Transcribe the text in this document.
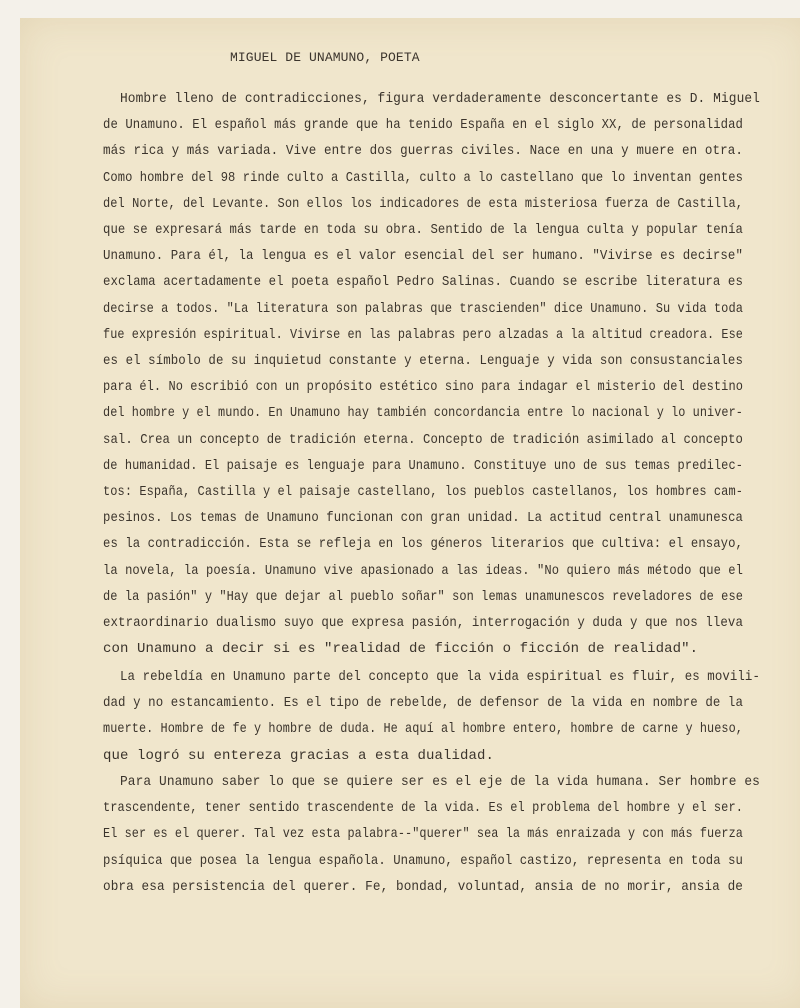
MIGUEL DE UNAMUNO, POETA
Hombre lleno de contradicciones, figura verdaderamente desconcertante es D. Miguel
de Unamuno. El español más grande que ha tenido España en el siglo XX, de personalidad
más rica y más variada. Vive entre dos guerras civiles. Nace en una y muere en otra.
Como hombre del 98 rinde culto a Castilla, culto a lo castellano que lo inventan gentes
del Norte, del Levante. Son ellos los indicadores de esta misteriosa fuerza de Castilla,
que se expresará más tarde en toda su obra. Sentido de la lengua culta y popular tenía
Unamuno. Para él, la lengua es el valor esencial del ser humano. "Vivirse es decirse"
exclama acertadamente el poeta español Pedro Salinas. Cuando se escribe literatura es
decirse a todos. "La literatura son palabras que trascienden" dice Unamuno. Su vida toda
fue expresión espiritual. Vivirse en las palabras pero alzadas a la altitud creadora. Ese
es el símbolo de su inquietud constante y eterna. Lenguaje y vida son consustanciales
para él. No escribió con un propósito estético sino para indagar el misterio del destino
del hombre y el mundo. En Unamuno hay también concordancia entre lo nacional y lo univer-
sal. Crea un concepto de tradición eterna. Concepto de tradición asimilado al concepto
de humanidad. El paisaje es lenguaje para Unamuno. Constituye uno de sus temas predilec-
tos: España, Castilla y el paisaje castellano, los pueblos castellanos, los hombres cam-
pesinos. Los temas de Unamuno funcionan con gran unidad. La actitud central unamunesca
es la contradicción. Esta se refleja en los géneros literarios que cultiva: el ensayo,
la novela, la poesía. Unamuno vive apasionado a las ideas. "No quiero más método que el
de la pasión" y "Hay que dejar al pueblo soñar" son lemas unamunescos reveladores de ese
extraordinario dualismo suyo que expresa pasión, interrogación y duda y que nos lleva
con Unamuno a decir si es "realidad de ficción o ficción de realidad".
La rebeldía en Unamuno parte del concepto que la vida espiritual es fluir, es movili-
dad y no estancamiento. Es el tipo de rebelde, de defensor de la vida en nombre de la
muerte. Hombre de fe y hombre de duda. He aquí al hombre entero, hombre de carne y hueso,
que logró su entereza gracias a esta dualidad.
Para Unamuno saber lo que se quiere ser es el eje de la vida humana. Ser hombre es
trascendente, tener sentido trascendente de la vida. Es el problema del hombre y el ser.
El ser es el querer. Tal vez esta palabra--"querer" sea la más enraizada y con más fuerza
psíquica que posea la lengua española. Unamuno, español castizo, representa en toda su
obra esa persistencia del querer. Fe, bondad, voluntad, ansia de no morir, ansia de
